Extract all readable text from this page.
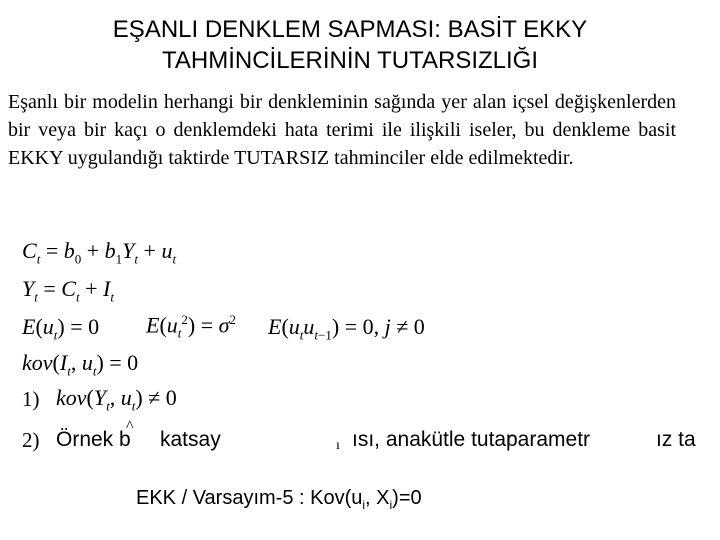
EŞANLI DENKLEM SAPMASI: BASİT EKKY
TAHMİNCİLERİNİN TUTARSIZLIĞI
Eşanlı bir modelin herhangi bir denkleminin sağında yer alan içsel değişkenlerden bir veya bir kaçı o denklemdeki hata terimi ile ilişkili iseler, bu denkleme basit EKKY uygulandığı taktirde TUTARSIZ tahminciler elde edilmektedir.
$C_t = b_0 + b_1Y_t + u_t$
$Y_t = C_t + I_t$
$E(u_t) = 0$ $E(u_t^2) = \sigma^2$ $E(u_tu_{t-1}) = 0$, j ≠ 0
$kov(I_t$, $u_t) = 0$
1) $kov(Y_t$, $u_t) \ne 0$
2) Örnek b
^
katsay	ı ısı, anakütle tutar
parametr	ız ta
EKK / Varsayım-5 : $Kov(u_i$, $X_i)=0$
